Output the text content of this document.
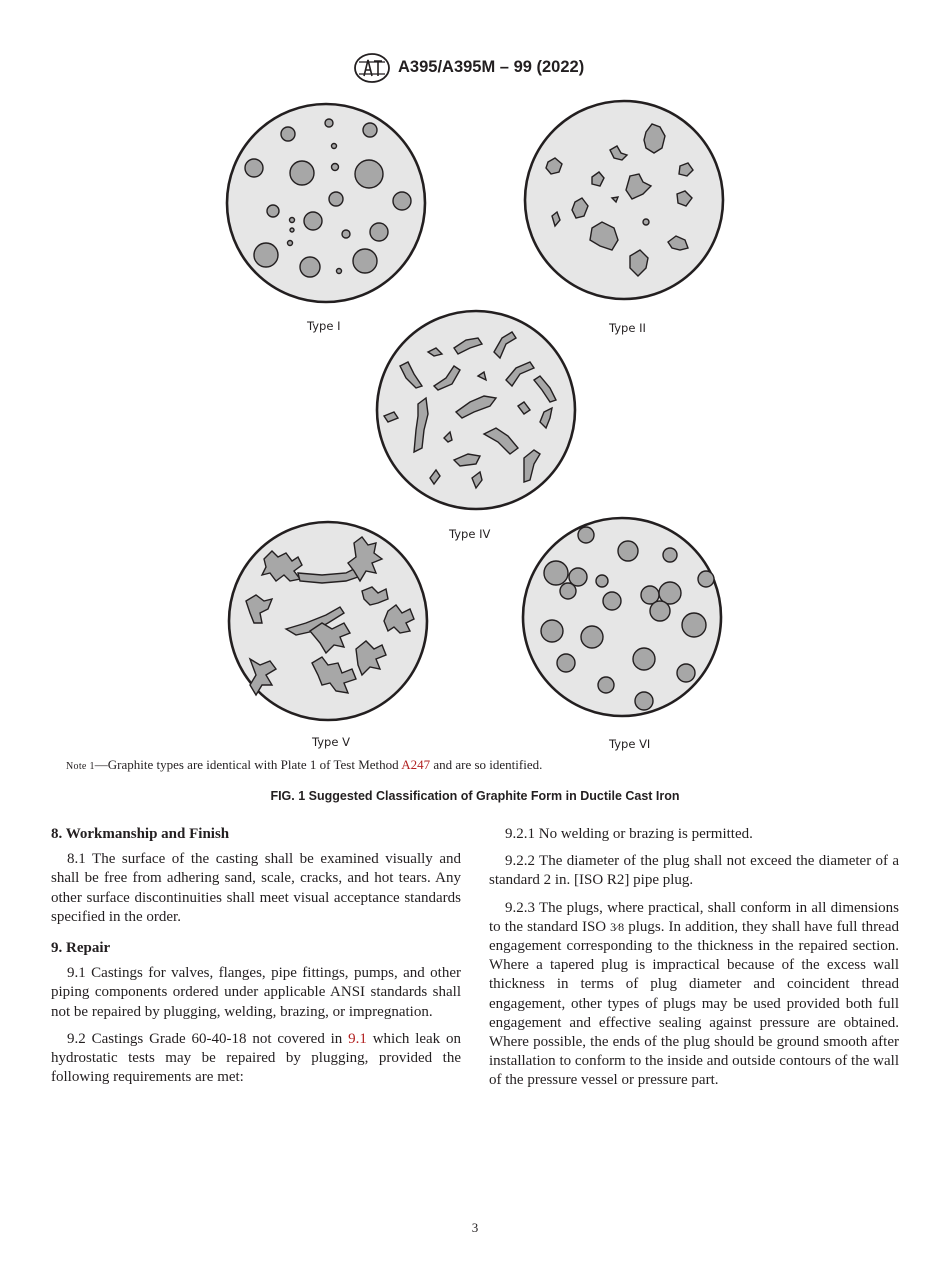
A395/A395M – 99 (2022)
Type I	Type II
Type IV
Type V	Type VI
Note 1—Graphite types are identical with Plate 1 of Test Method A247 and are so identified.
FIG. 1 Suggested Classification of Graphite Form in Ductile Cast Iron
8. Workmanship and Finish

8.1 The surface of the casting shall be examined visually and shall be free from adhering sand, scale, cracks, and hot tears. Any other surface discontinuities shall meet visual acceptance standards specified in the order.

9. Repair

9.1 Castings for valves, flanges, pipe fittings, pumps, and other piping components ordered under applicable ANSI standards shall not be repaired by plugging, welding, brazing, or impregnation.

9.2 Castings Grade 60-40-18 not covered in 9.1 which leak on hydrostatic tests may be repaired by plugging, provided the following requirements are met:

9.2.1 No welding or brazing is permitted.

9.2.2 The diameter of the plug shall not exceed the diameter of a standard 2 in. [ISO R2] pipe plug.

9.2.3 The plugs, where practical, shall conform in all dimensions to the standard ISO 3⁄8 plugs. In addition, they shall have full thread engagement corresponding to the thickness in the repaired section. Where a tapered plug is impractical because of the excess wall thickness in terms of plug diameter and coincident thread engagement, other types of plugs may be used provided both full engagement and effective sealing against pressure are obtained. Where possible, the ends of the plug should be ground smooth after installation to conform to the inside and outside contours of the wall of the pressure vessel or pressure part.

3
